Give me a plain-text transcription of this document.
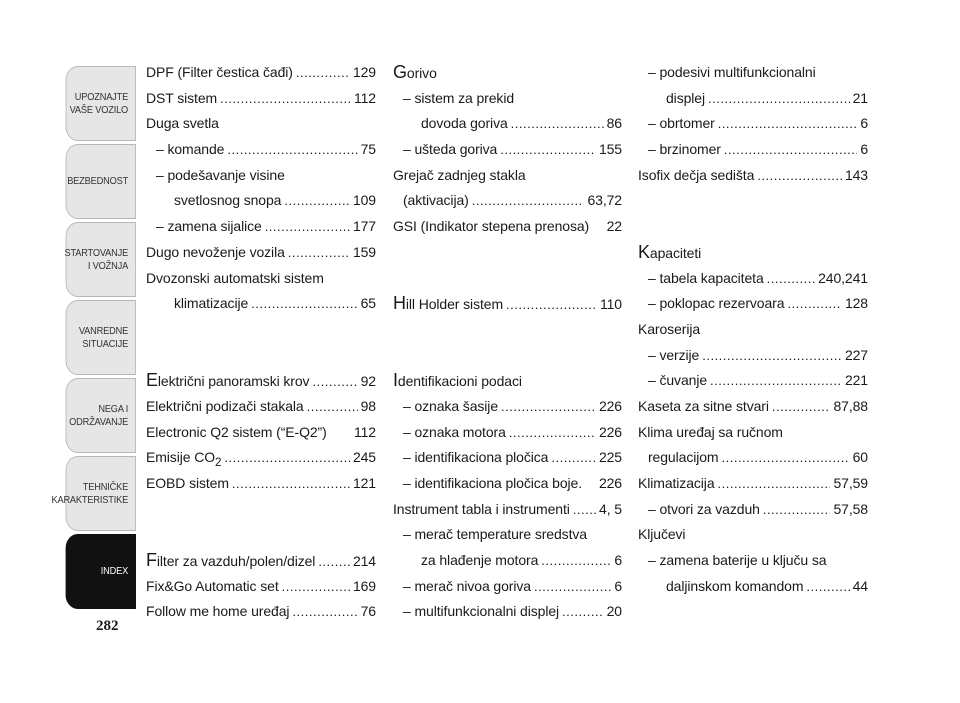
UPOZNAJTE
VAŠE VOZILO
BEZBEDNOST
STARTOVANJE
I VOŽNJA
VANREDNE
SITUACIJE
NEGA I
ODRŽAVANJE
TEHNIČKE
KARAKTERISTIKE
INDEX
282
DPF (Filter čestica čađi) .....	129
DST sistem .....	112
Duga svetla
– komande .....	75
– podešavanje visine
svetlosnog snopa .....	109
– zamena sijalice .....	177
Dugo nevoženje vozila .....	159
Dvozonski automatski sistem
klimatizacije .....	65
Električni panoramski krov .....	92
Električni podizači stakala .....	98
Electronic Q2 sistem (“E-Q2”) 112
Emisije $CO_2$ .....	245
EOBD sistem .....	121
Filter za vazduh/polen/dizel .....	214
Fix&Go Automatic set .....	169
Follow me home uređaj .....	76
Gorivo
– sistem za prekid
dovoda goriva .....	86
– ušteda goriva .....	155
Grejač zadnjeg stakla
(aktivacija) .....	63,72
GSI (Indikator stepena prenosa) 22
Hill Holder sistem .....	110
Identifikacioni podaci
– oznaka šasije .....	226
– oznaka motora .....	226
– identifikaciona pločica .....	225
– identifikaciona pločica boje. 226
Instrument tabla i instrumenti ..... 4, 5
– merač temperature sredstva
za hlađenje motora .....	6
– merač nivoa goriva .....	6
– multifunkcionalni displej .....	20
– podesivi multifunkcionalni
displej .....	21
– obrtomer .....	6
– brzinomer .....	6
Isofix dečja sedišta .....	143
Kapaciteti
– tabela kapaciteta .....	240,241
– poklopac rezervoara .....	128
Karoserija
– verzije .....	227
– čuvanje .....	221
Kaseta za sitne stvari .....	87,88
Klima uređaj sa ručnom
regulacijom .....	60
Klimatizacija .....	57,59
– otvori za vazduh .....	57,58
Ključevi
– zamena baterije u ključu sa
daljinskom komandom .....	44
